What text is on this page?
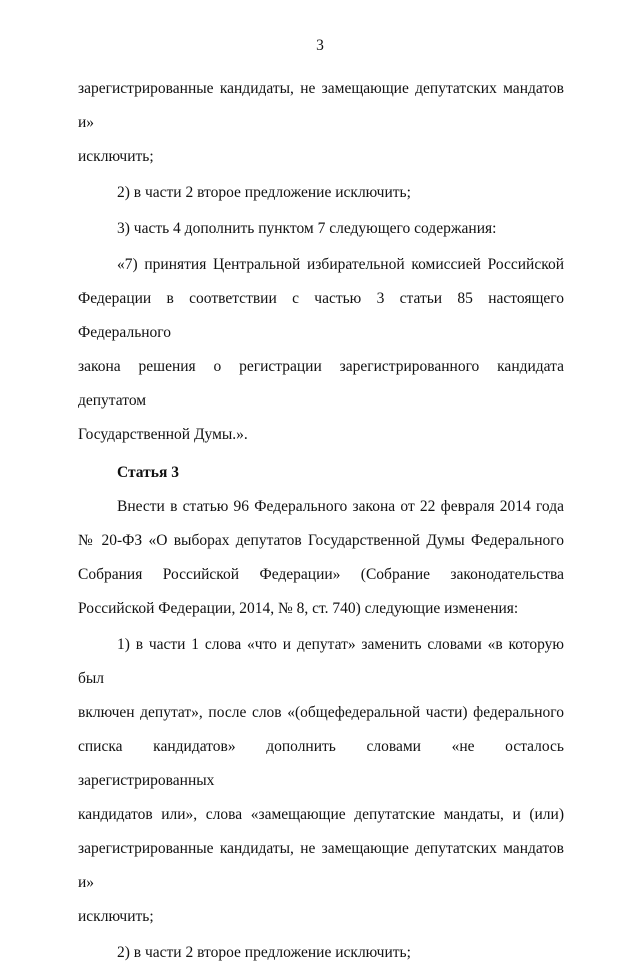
3
зарегистрированные кандидаты, не замещающие депутатских мандатов и»
исключить;
2) в части 2 второе предложение исключить;
3) часть 4 дополнить пунктом 7 следующего содержания:
«7) принятия Центральной избирательной комиссией Российской
Федерации в соответствии с частью 3 статьи 85 настоящего Федерального
закона решения о регистрации зарегистрированного кандидата депутатом
Государственной Думы.».
Статья 3
Внести в статью 96 Федерального закона от 22 февраля 2014 года
№ 20-ФЗ «О выборах депутатов Государственной Думы Федерального
Собрания Российской Федерации» (Собрание законодательства
Российской Федерации, 2014, № 8, ст. 740) следующие изменения:
1) в части 1 слова «что и депутат» заменить словами «в которую был
включен депутат», после слов «(общефедеральной части) федерального
списка кандидатов» дополнить словами «не осталось зарегистрированных
кандидатов или», слова «замещающие депутатские мандаты, и (или)
зарегистрированные кандидаты, не замещающие депутатских мандатов и»
исключить;
2) в части 2 второе предложение исключить;
